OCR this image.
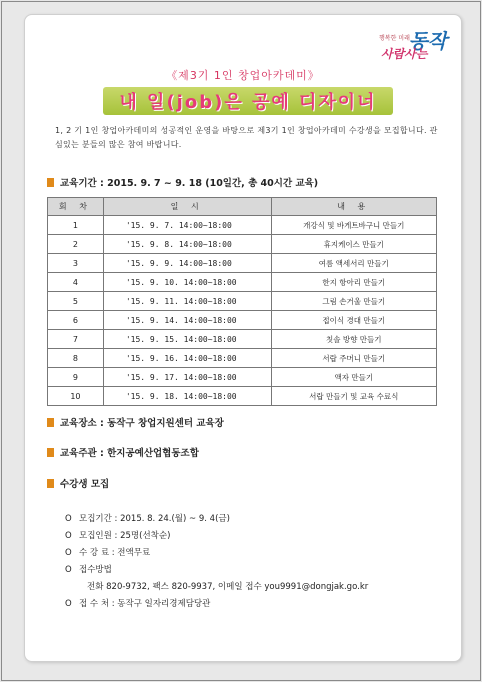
행복한 미래
동작
사람사는
《제3기 1인 창업아카데미》
내 일(job)은 공예 디자이너

1, 2 기 1인 창업아카데미의 성공적인 운영을 바탕으로 제3기 1인 창업아카데미 수강생을 모집합니다. 관심있는 분들의 많은 참여 바랍니다.

교육기간 : 2015. 9. 7 ~ 9. 18 (10일간, 총 40시간 교육)
회 차	일 시	내 용
1	'15. 9. 7. 14:00~18:00	개강식 및 바게트바구니 만들기
2	'15. 9. 8. 14:00~18:00	휴지케이스 만들기
3	'15. 9. 9. 14:00~18:00	여름 액세서리 만들기
4	'15. 9. 10. 14:00~18:00	한지 항아리 만들기
5	'15. 9. 11. 14:00~18:00	그림 손거울 만들기
6	'15. 9. 14. 14:00~18:00	접이식 경대 만들기
7	'15. 9. 15. 14:00~18:00	칫솔 방향 만들기
8	'15. 9. 16. 14:00~18:00	서랍 주머니 만들기
9	'15. 9. 17. 14:00~18:00	액자 만들기
10	'15. 9. 18. 14:00~18:00	서랍 만들기 및 교육 수료식
교육장소 : 동작구 창업지원센터 교육장
교육주관 : 한지공예산업협동조합
수강생 모집
O 모집기간 : 2015. 8. 24.(월) ~ 9. 4(금)
O 모집인원 : 25명(선착순)
O 수 강 료 : 전액무료
O 접수방법
전화 820-9732, 팩스 820-9937, 이메일 접수 you9991@dongjak.go.kr
O 접 수 처 : 동작구 일자리경제담당관
